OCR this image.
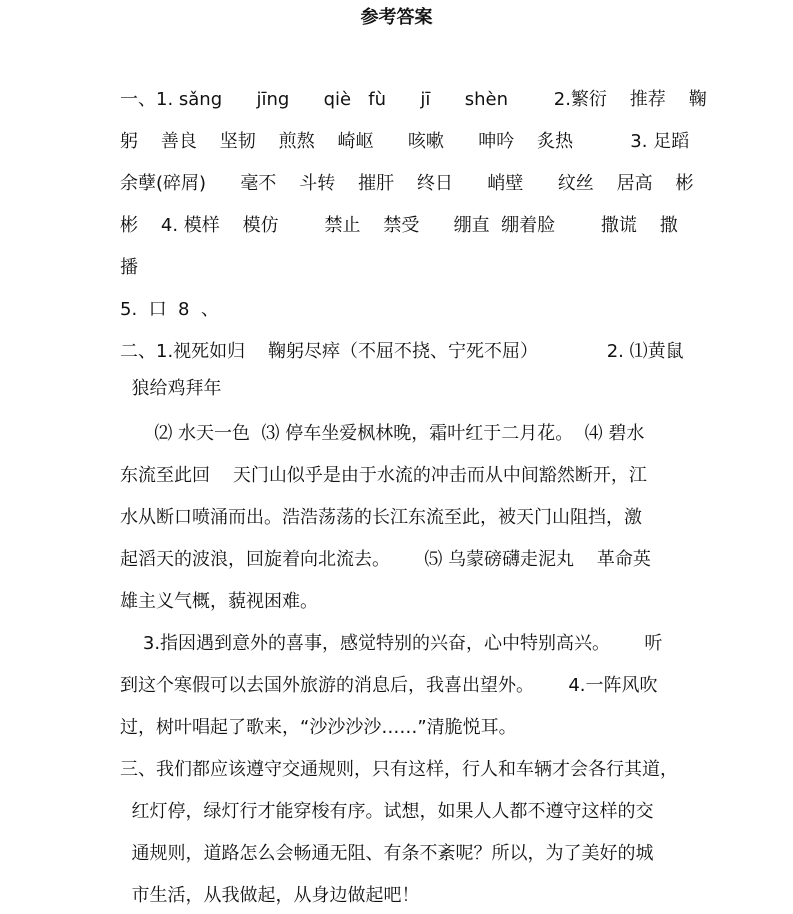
参考答案
一、1. sǎng      jīng      qiè   fù      jī      shèn        2.繁衍    推荐    鞠
躬    善良    坚韧    煎熬    崎岖      咳嗽      呻吟    炙热          3. 足蹈
余孽(碎屑)      毫不    斗转    摧肝    终日      峭壁      纹丝    居高    彬
彬    4. 模样    模仿        禁止    禁受      绷直  绷着脸        撒谎    撒
播
5.  口  8  、
二、1.视死如归    鞠躬尽瘁（不屈不挠、宁死不屈）            2. ⑴黄鼠
狼给鸡拜年
⑵ 水天一色  ⑶ 停车坐爱枫林晚，霜叶红于二月花。  ⑷ 碧水
东流至此回    天门山似乎是由于水流的冲击而从中间豁然断开，江
水从断口喷涌而出。浩浩荡荡的长江东流至此，被天门山阻挡，激
起滔天的波浪，回旋着向北流去。      ⑸ 乌蒙磅礴走泥丸    革命英
雄主义气概，藐视困难。
3.指因遇到意外的喜事，感觉特别的兴奋，心中特别高兴。      听
到这个寒假可以去国外旅游的消息后，我喜出望外。      4.一阵风吹
过，树叶唱起了歌来，“沙沙沙沙……”清脆悦耳。
三、我们都应该遵守交通规则，只有这样，行人和车辆才会各行其道，
红灯停，绿灯行才能穿梭有序。试想，如果人人都不遵守这样的交
通规则，道路怎么会畅通无阻、有条不紊呢？所以，为了美好的城
市生活，从我做起，从身边做起吧！
